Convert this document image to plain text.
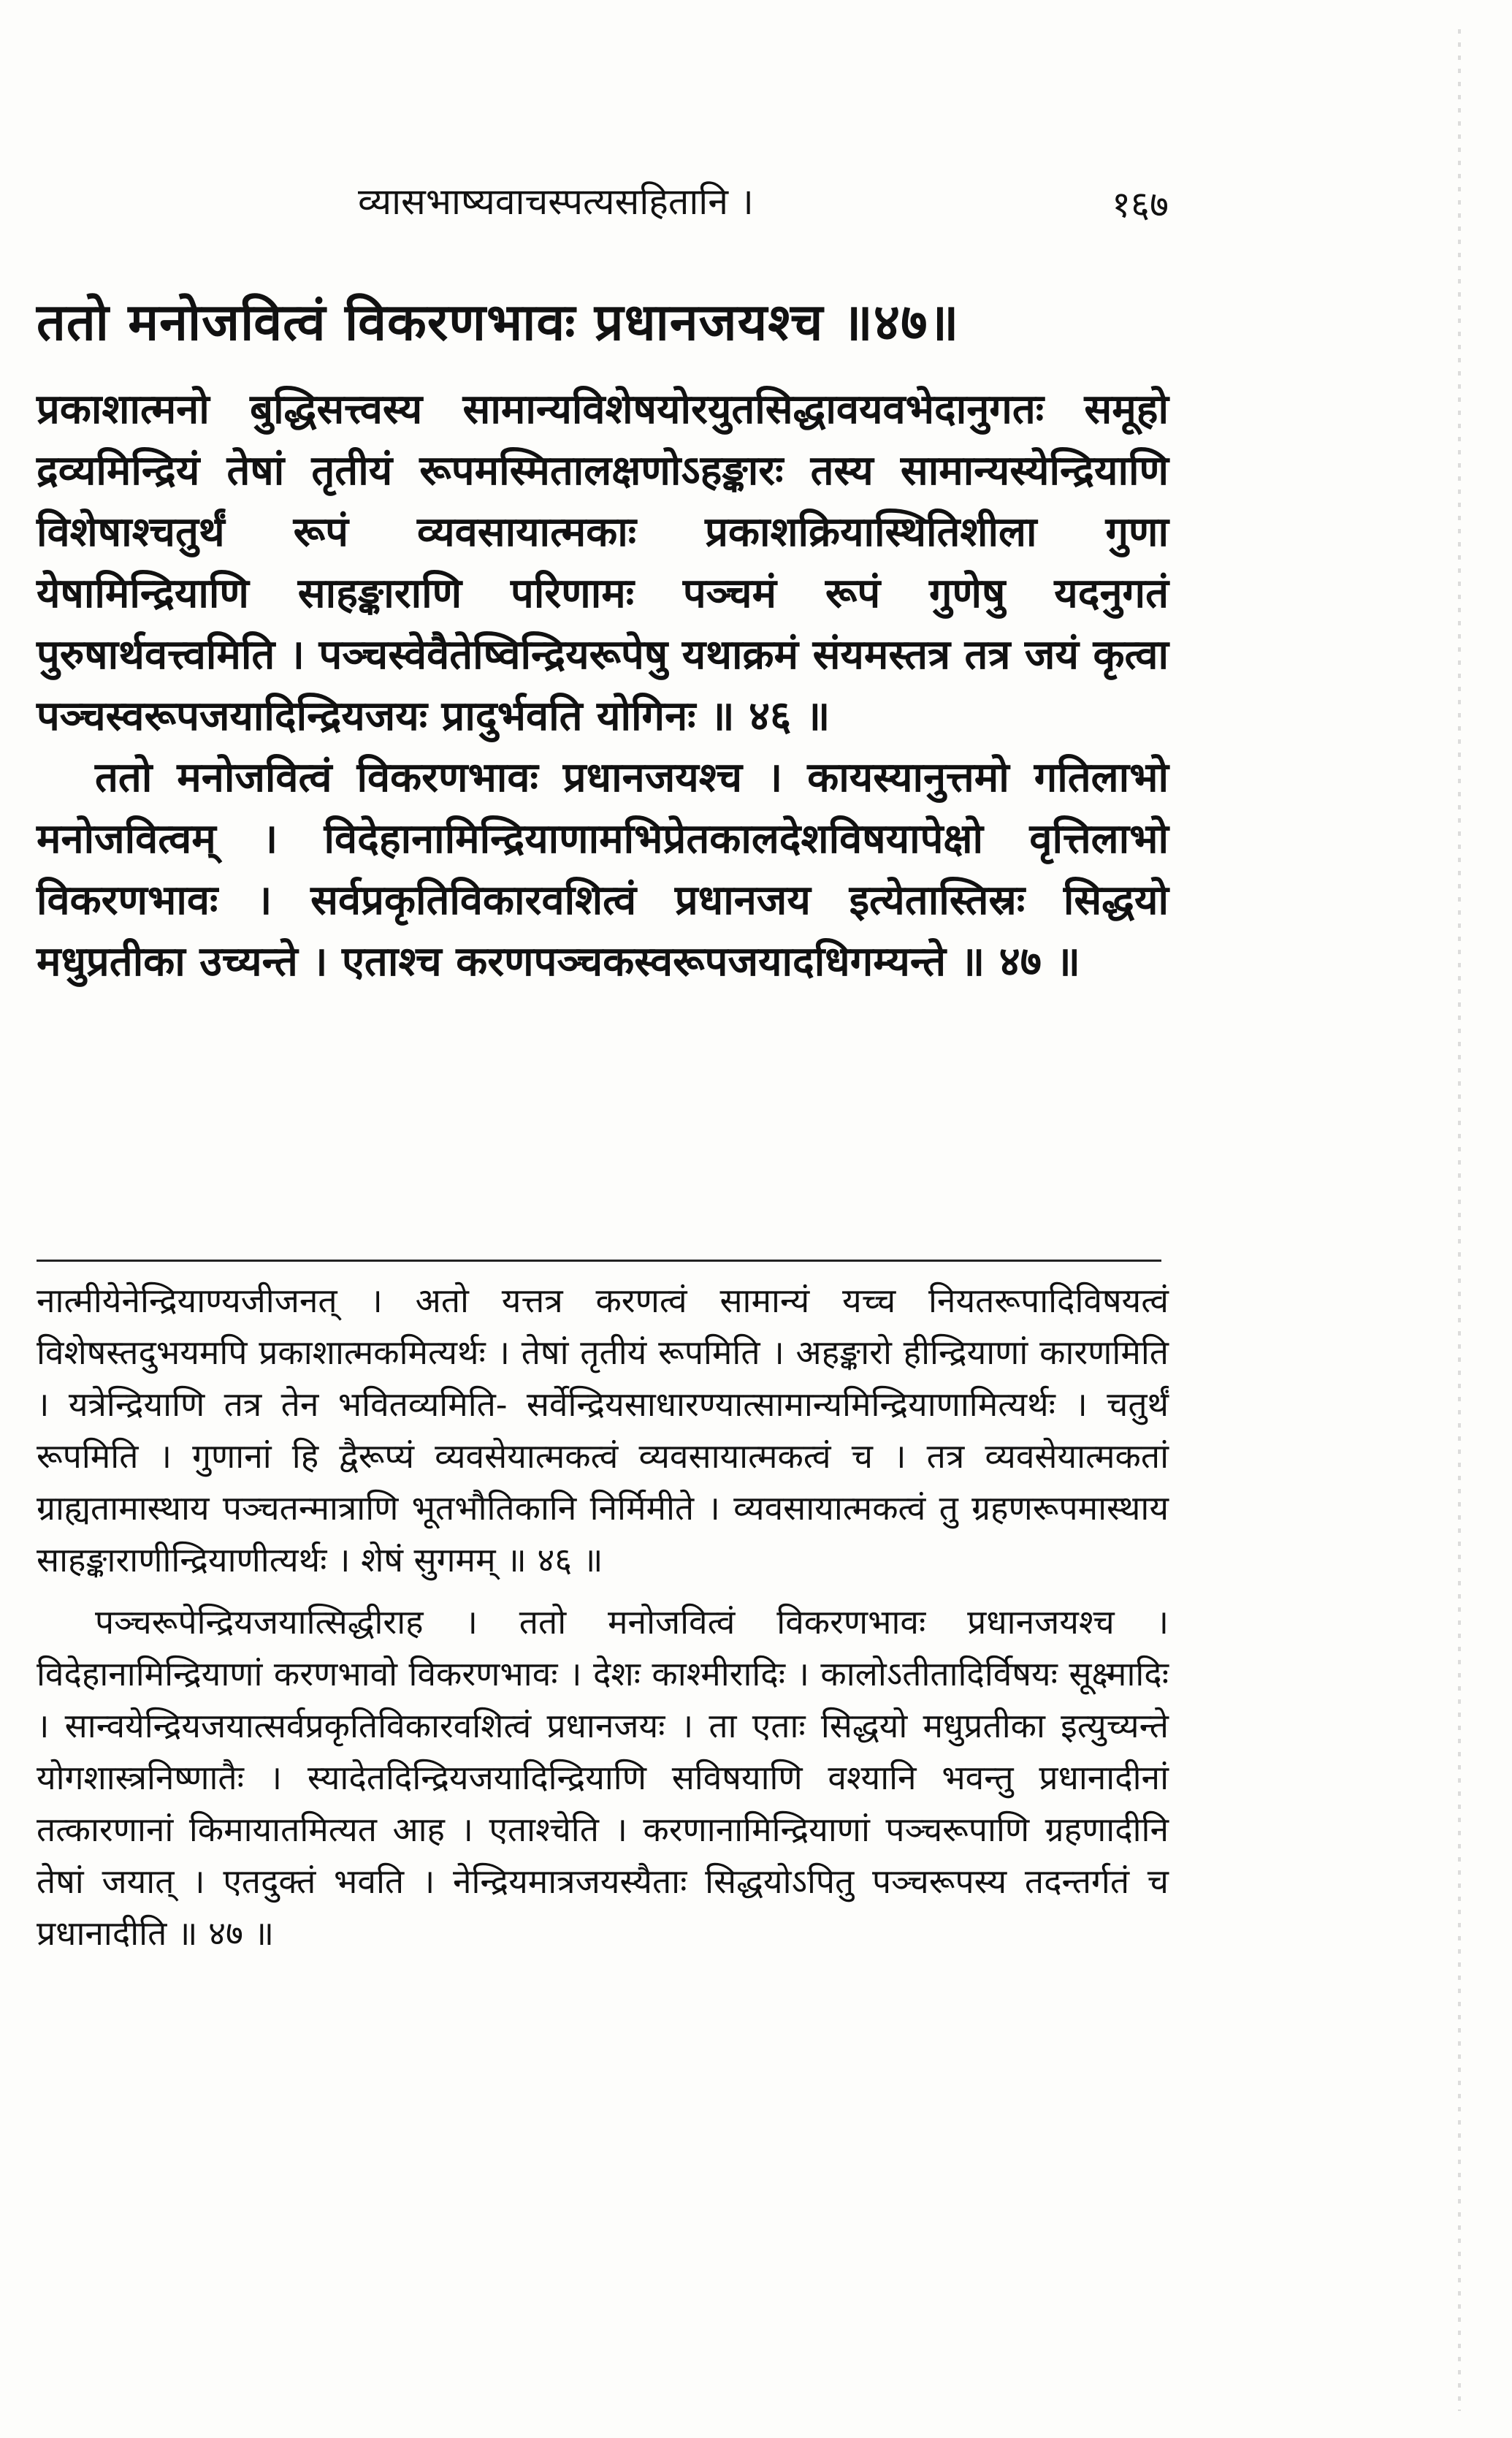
व्यासभाष्यवाचस्पत्यसहितानि ।	१६७
ततो मनोजवित्वं विकरणभावः प्रधानजयश्च ॥४७॥

प्रकाशात्मनो बुद्धिसत्त्वस्य सामान्यविशेषयोरयुतसिद्धावयवभेदानुगतः समूहो द्रव्यमिन्द्रियं तेषां तृतीयं रूपमस्मितालक्षणोऽहङ्कारः तस्य सामान्यस्येन्द्रियाणि विशेषाश्चतुर्थं रूपं व्यवसायात्मकाः प्रकाशक्रियास्थितिशीला गुणा येषामिन्द्रियाणि साहङ्काराणि परिणामः पञ्चमं रूपं गुणेषु यदनुगतं पुरुषार्थवत्त्वमिति । पञ्चस्वेवैतेष्विन्द्रियरूपेषु यथाक्रमं संयमस्तत्र तत्र जयं कृत्वा पञ्चस्वरूपजयादिन्द्रियजयः प्रादुर्भवति योगिनः ॥ ४६ ॥

ततो मनोजवित्वं विकरणभावः प्रधानजयश्च । कायस्यानुत्तमो गतिलाभो मनोजवित्वम् । विदेहानामिन्द्रियाणामभिप्रेतकालदेशविषयापेक्षो वृत्तिलाभो विकरणभावः । सर्वप्रकृतिविकारवशित्वं प्रधानजय इत्येतास्तिस्रः सिद्धयो मधुप्रतीका उच्यन्ते । एताश्च करणपञ्चकस्वरूपजयादधिगम्यन्ते ॥ ४७ ॥

नात्मीयेनेन्द्रियाण्यजीजनत् । अतो यत्तत्र करणत्वं सामान्यं यच्च नियतरूपादिविषयत्वं विशेषस्तदुभयमपि प्रकाशात्मकमित्यर्थः । तेषां तृतीयं रूपमिति । अहङ्कारो हीन्द्रियाणां कारणमिति । यत्रेन्द्रियाणि तत्र तेन भवितव्यमिति- सर्वेन्द्रियसाधारण्यात्सामान्यमिन्द्रियाणामित्यर्थः । चतुर्थं रूपमिति । गुणानां हि द्वैरूप्यं व्यवसेयात्मकत्वं व्यवसायात्मकत्वं च । तत्र व्यवसेयात्मकतां ग्राह्यतामास्थाय पञ्चतन्मात्राणि भूतभौतिकानि निर्मिमीते । व्यवसायात्मकत्वं तु ग्रहणरूपमास्थाय साहङ्काराणीन्द्रियाणीत्यर्थः । शेषं सुगमम् ॥ ४६ ॥

पञ्चरूपेन्द्रियजयात्सिद्धीराह । ततो मनोजवित्वं विकरणभावः प्रधानजयश्च । विदेहानामिन्द्रियाणां करणभावो विकरणभावः । देशः काश्मीरादिः । कालोऽतीतादिर्विषयः सूक्ष्मादिः । सान्वयेन्द्रियजयात्सर्वप्रकृतिविकारवशित्वं प्रधानजयः । ता एताः सिद्धयो मधुप्रतीका इत्युच्यन्ते योगशास्त्रनिष्णातैः । स्यादेतदिन्द्रियजयादिन्द्रियाणि सविषयाणि वश्यानि भवन्तु प्रधानादीनां तत्कारणानां किमायातमित्यत आह । एताश्चेति । करणानामिन्द्रियाणां पञ्चरूपाणि ग्रहणादीनि तेषां जयात् । एतदुक्तं भवति । नेन्द्रियमात्रजयस्यैताः सिद्धयोऽपितु पञ्चरूपस्य तदन्तर्गतं च प्रधानादीति ॥ ४७ ॥
